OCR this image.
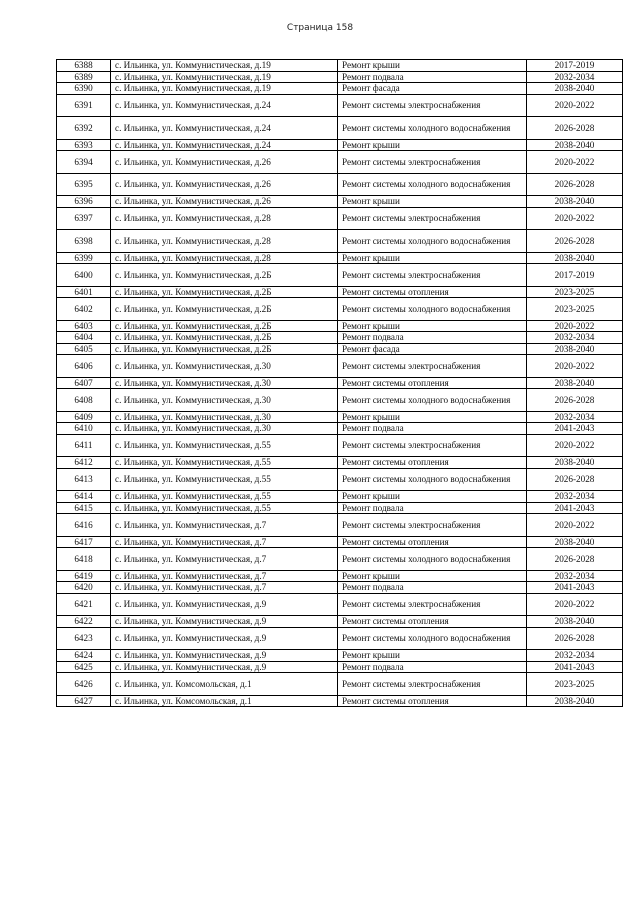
Страница 158
6388	с. Ильинка, ул. Коммунистическая, д.19	Ремонт крыши	2017-2019
6389	с. Ильинка, ул. Коммунистическая, д.19	Ремонт подвала	2032-2034
6390	с. Ильинка, ул. Коммунистическая, д.19	Ремонт фасада	2038-2040
6391	с. Ильинка, ул. Коммунистическая, д.24	Ремонт системы электроснабжения	2020-2022
6392	с. Ильинка, ул. Коммунистическая, д.24	Ремонт системы холодного водоснабжения	2026-2028
6393	с. Ильинка, ул. Коммунистическая, д.24	Ремонт крыши	2038-2040
6394	с. Ильинка, ул. Коммунистическая, д.26	Ремонт системы электроснабжения	2020-2022
6395	с. Ильинка, ул. Коммунистическая, д.26	Ремонт системы холодного водоснабжения	2026-2028
6396	с. Ильинка, ул. Коммунистическая, д.26	Ремонт крыши	2038-2040
6397	с. Ильинка, ул. Коммунистическая, д.28	Ремонт системы электроснабжения	2020-2022
6398	с. Ильинка, ул. Коммунистическая, д.28	Ремонт системы холодного водоснабжения	2026-2028
6399	с. Ильинка, ул. Коммунистическая, д.28	Ремонт крыши	2038-2040
6400	с. Ильинка, ул. Коммунистическая, д.2Б	Ремонт системы электроснабжения	2017-2019
6401	с. Ильинка, ул. Коммунистическая, д.2Б	Ремонт системы отопления	2023-2025
6402	с. Ильинка, ул. Коммунистическая, д.2Б	Ремонт системы холодного водоснабжения	2023-2025
6403	с. Ильинка, ул. Коммунистическая, д.2Б	Ремонт крыши	2020-2022
6404	с. Ильинка, ул. Коммунистическая, д.2Б	Ремонт подвала	2032-2034
6405	с. Ильинка, ул. Коммунистическая, д.2Б	Ремонт фасада	2038-2040
6406	с. Ильинка, ул. Коммунистическая, д.30	Ремонт системы электроснабжения	2020-2022
6407	с. Ильинка, ул. Коммунистическая, д.30	Ремонт системы отопления	2038-2040
6408	с. Ильинка, ул. Коммунистическая, д.30	Ремонт системы холодного водоснабжения	2026-2028
6409	с. Ильинка, ул. Коммунистическая, д.30	Ремонт крыши	2032-2034
6410	с. Ильинка, ул. Коммунистическая, д.30	Ремонт подвала	2041-2043
6411	с. Ильинка, ул. Коммунистическая, д.55	Ремонт системы электроснабжения	2020-2022
6412	с. Ильинка, ул. Коммунистическая, д.55	Ремонт системы отопления	2038-2040
6413	с. Ильинка, ул. Коммунистическая, д.55	Ремонт системы холодного водоснабжения	2026-2028
6414	с. Ильинка, ул. Коммунистическая, д.55	Ремонт крыши	2032-2034
6415	с. Ильинка, ул. Коммунистическая, д.55	Ремонт подвала	2041-2043
6416	с. Ильинка, ул. Коммунистическая, д.7	Ремонт системы электроснабжения	2020-2022
6417	с. Ильинка, ул. Коммунистическая, д.7	Ремонт системы отопления	2038-2040
6418	с. Ильинка, ул. Коммунистическая, д.7	Ремонт системы холодного водоснабжения	2026-2028
6419	с. Ильинка, ул. Коммунистическая, д.7	Ремонт крыши	2032-2034
6420	с. Ильинка, ул. Коммунистическая, д.7	Ремонт подвала	2041-2043
6421	с. Ильинка, ул. Коммунистическая, д.9	Ремонт системы электроснабжения	2020-2022
6422	с. Ильинка, ул. Коммунистическая, д.9	Ремонт системы отопления	2038-2040
6423	с. Ильинка, ул. Коммунистическая, д.9	Ремонт системы холодного водоснабжения	2026-2028
6424	с. Ильинка, ул. Коммунистическая, д.9	Ремонт крыши	2032-2034
6425	с. Ильинка, ул. Коммунистическая, д.9	Ремонт подвала	2041-2043
6426	с. Ильинка, ул. Комсомольская, д.1	Ремонт системы электроснабжения	2023-2025
6427	с. Ильинка, ул. Комсомольская, д.1	Ремонт системы отопления	2038-2040
